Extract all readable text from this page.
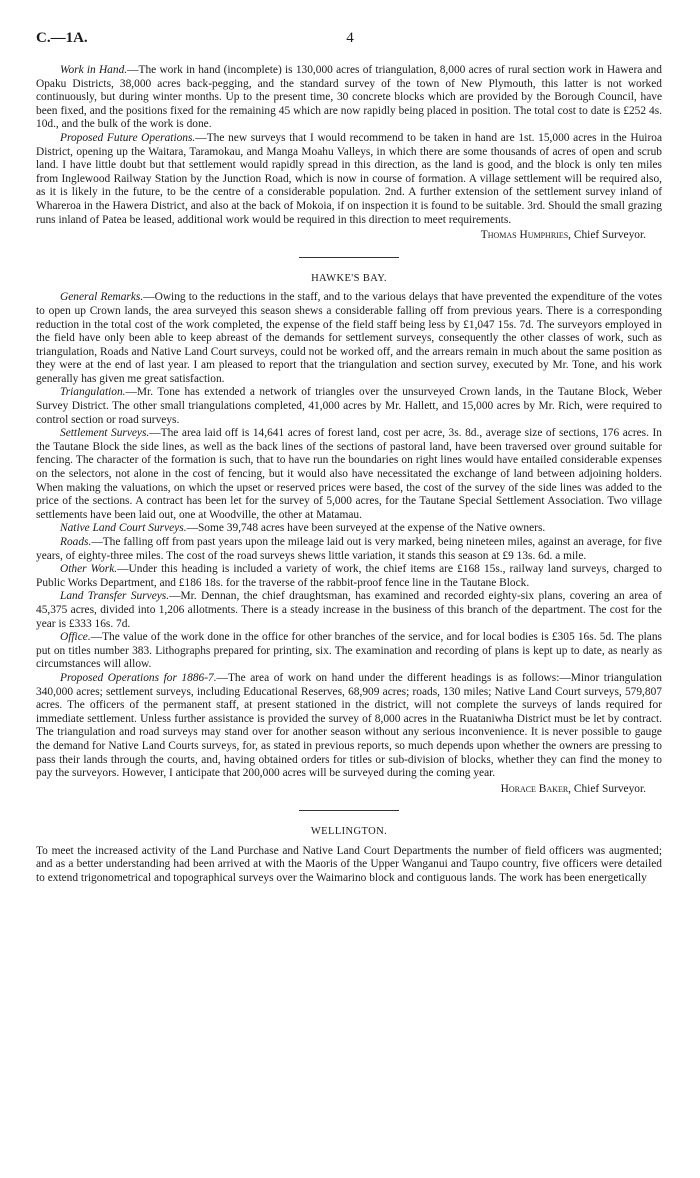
C.—1A.	4

Work in Hand.—The work in hand (incomplete) is 130,000 acres of triangulation, 8,000 acres of rural section work in Hawera and Opaku Districts, 38,000 acres back-pegging, and the standard survey of the town of New Plymouth, this latter is not worked continuously, but during winter months. Up to the present time, 30 concrete blocks which are provided by the Borough Council, have been fixed, and the positions fixed for the remaining 45 which are now rapidly being placed in position. The total cost to date is £252 4s. 10d., and the bulk of the work is done.

Proposed Future Operations.—The new surveys that I would recommend to be taken in hand are 1st. 15,000 acres in the Huiroa District, opening up the Waitara, Taramokau, and Manga Moahu Valleys, in which there are some thousands of acres of open and scrub land. I have little doubt but that settlement would rapidly spread in this direction, as the land is good, and the block is only ten miles from Inglewood Railway Station by the Junction Road, which is now in course of formation. A village settlement will be required also, as it is likely in the future, to be the centre of a considerable population. 2nd. A further extension of the settlement survey inland of Whareroa in the Hawera District, and also at the back of Mokoia, if on inspection it is found to be suitable. 3rd. Should the small grazing runs inland of Patea be leased, additional work would be required in this direction to meet requirements.

Thomas Humphries, Chief Surveyor.
HAWKE'S BAY.

General Remarks.—Owing to the reductions in the staff, and to the various delays that have prevented the expenditure of the votes to open up Crown lands, the area surveyed this season shews a considerable falling off from previous years. There is a corresponding reduction in the total cost of the work completed, the expense of the field staff being less by £1,047 15s. 7d. The surveyors employed in the field have only been able to keep abreast of the demands for settlement surveys, consequently the other classes of work, such as triangulation, Roads and Native Land Court surveys, could not be worked off, and the arrears remain in much about the same position as they were at the end of last year. I am pleased to report that the triangulation and section survey, executed by Mr. Tone, and his work generally has given me great satisfaction.

Triangulation.—Mr. Tone has extended a network of triangles over the unsurveyed Crown lands, in the Tautane Block, Weber Survey District. The other small triangulations completed, 41,000 acres by Mr. Hallett, and 15,000 acres by Mr. Rich, were required to control section or road surveys.

Settlement Surveys.—The area laid off is 14,641 acres of forest land, cost per acre, 3s. 8d., average size of sections, 176 acres. In the Tautane Block the side lines, as well as the back lines of the sections of pastoral land, have been traversed over ground suitable for fencing. The character of the formation is such, that to have run the boundaries on right lines would have entailed considerable expenses on the selectors, not alone in the cost of fencing, but it would also have necessitated the exchange of land between adjoining holders. When making the valuations, on which the upset or reserved prices were based, the cost of the survey of the side lines was added to the price of the sections. A contract has been let for the survey of 5,000 acres, for the Tautane Special Settlement Association. Two village settlements have been laid out, one at Woodville, the other at Matamau.

Native Land Court Surveys.—Some 39,748 acres have been surveyed at the expense of the Native owners.

Roads.—The falling off from past years upon the mileage laid out is very marked, being nineteen miles, against an average, for five years, of eighty-three miles. The cost of the road surveys shews little variation, it stands this season at £9 13s. 6d. a mile.

Other Work.—Under this heading is included a variety of work, the chief items are £168 15s., railway land surveys, charged to Public Works Department, and £186 18s. for the traverse of the rabbit-proof fence line in the Tautane Block.

Land Transfer Surveys.—Mr. Dennan, the chief draughtsman, has examined and recorded eighty-six plans, covering an area of 45,375 acres, divided into 1,206 allotments. There is a steady increase in the business of this branch of the department. The cost for the year is £333 16s. 7d.

Office.—The value of the work done in the office for other branches of the service, and for local bodies is £305 16s. 5d. The plans put on titles number 383. Lithographs prepared for printing, six. The examination and recording of plans is kept up to date, as nearly as circumstances will allow.

Proposed Operations for 1886-7.—The area of work on hand under the different headings is as follows:—Minor triangulation 340,000 acres; settlement surveys, including Educational Reserves, 68,909 acres; roads, 130 miles; Native Land Court surveys, 579,807 acres. The officers of the permanent staff, at present stationed in the district, will not complete the surveys of lands required for immediate settlement. Unless further assistance is provided the survey of 8,000 acres in the Ruataniwha District must be let by contract. The triangulation and road surveys may stand over for another season without any serious inconvenience. It is never possible to gauge the demand for Native Land Courts surveys, for, as stated in previous reports, so much depends upon whether the owners are pressing to pass their lands through the courts, and, having obtained orders for titles or sub-division of blocks, whether they can find the money to pay the surveyors. However, I anticipate that 200,000 acres will be surveyed during the coming year.

Horace Baker, Chief Surveyor.
WELLINGTON.

To meet the increased activity of the Land Purchase and Native Land Court Departments the number of field officers was augmented; and as a better understanding had been arrived at with the Maoris of the Upper Wanganui and Taupo country, five officers were detailed to extend trigonometrical and topographical surveys over the Waimarino block and contiguous lands. The work has been energetically
